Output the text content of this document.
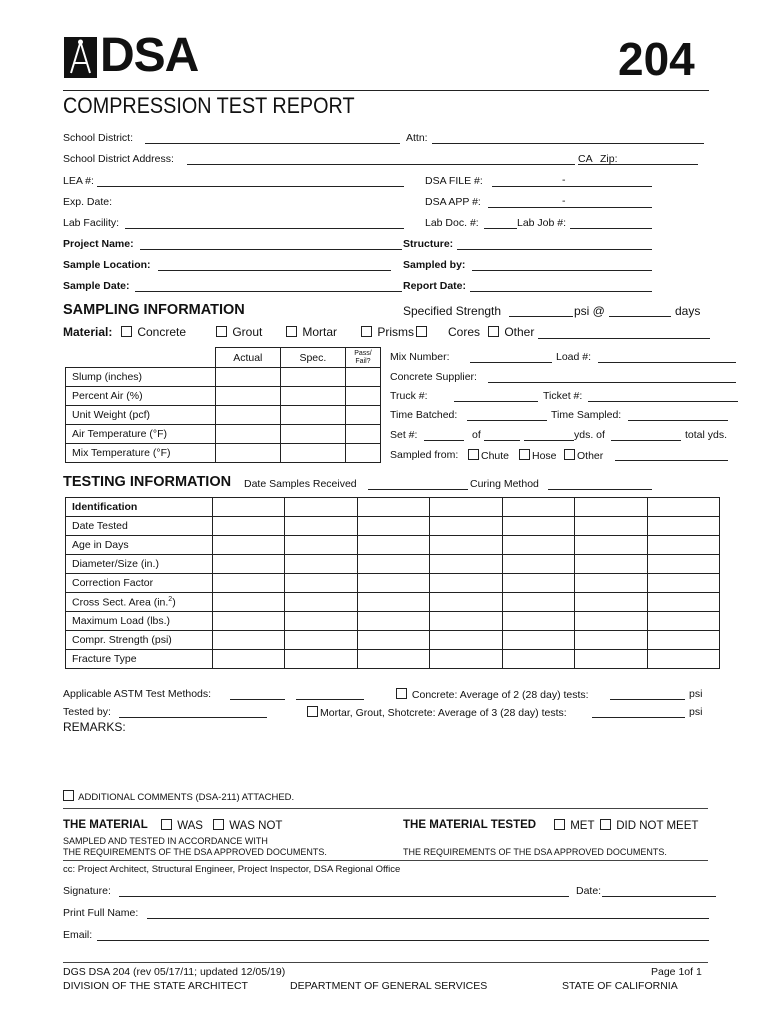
DSA	204
COMPRESSION TEST REPORT
School District:	Attn:
School District Address:	CA Zip:
LEA #:	DSA FILE #:	-
Exp. Date:	DSA APP #:	-
Lab Facility:	Lab Doc. #:	Lab Job #:
Project Name:	Structure:
Sample Location:	Sampled by:
Sample Date:	Report Date:
SAMPLING INFORMATION	Specified Strength	psi @	days
Material:	Concrete	Grout	Mortar	Prisms	Cores	Other
	Actual	Spec.	Pass/ Fail?
Slump (inches)			
Percent Air (%)			
Unit Weight (pcf)			
Air Temperature (°F)			
Mix Temperature (°F)			
Mix Number:	Load #:
Concrete Supplier:
Truck #:	Ticket #:
Time Batched:	Time Sampled:
Set #:	of	yds. of	total yds.
Sampled from:	Chute	Hose	Other
TESTING INFORMATION Date Samples Received	Curing Method
Identification							
Date Tested							
Age in Days							
Diameter/Size (in.)							
Correction Factor							
Cross Sect. Area (in.$^2$)							
Maximum Load (lbs.)							
Compr. Strength (psi)							
Fracture Type							
Applicable ASTM Test Methods:	Concrete: Average of 2 (28 day) tests:	psi
Tested by:	Mortar, Grout, Shotcrete: Average of 3 (28 day) tests:	psi
REMARKS:
ADDITIONAL COMMENTS (DSA-211) ATTACHED.
THE MATERIAL	WAS	WAS NOT
SAMPLED AND TESTED IN ACCORDANCE WITH
THE REQUIREMENTS OF THE DSA APPROVED DOCUMENTS.
THE MATERIAL TESTED	MET	DID NOT MEET
THE REQUIREMENTS OF THE DSA APPROVED DOCUMENTS.
cc: Project Architect, Structural Engineer, Project Inspector, DSA Regional Office
Signature:	Date:
Print Full Name:
Email:
DGS DSA 204 (rev 05/17/11; updated 12/05/19)	Page 1of 1
DIVISION OF THE STATE ARCHITECT	DEPARTMENT OF GENERAL SERVICES	STATE OF CALIFORNIA
